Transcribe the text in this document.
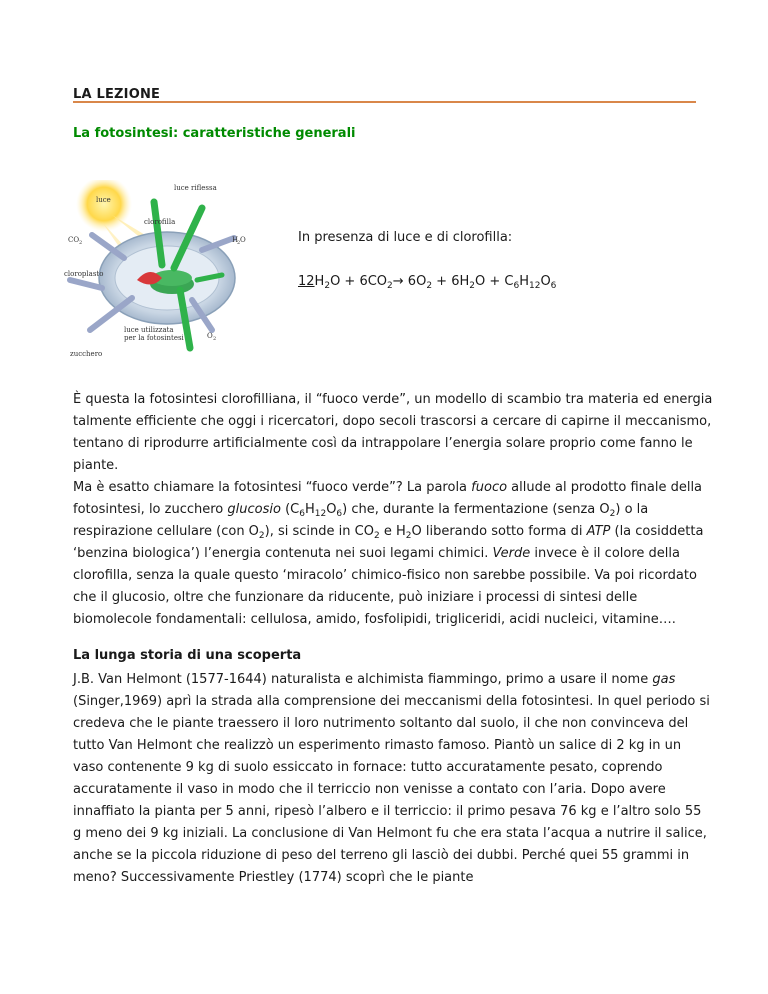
LA LEZIONE
La fotosintesi: caratteristiche generali
luce
luce riflessa
clorofilla
CO 2	H
2 O
cloroplasto
luce utilizzata
per la fotosintesi	O 2
zucchero
In presenza di luce e di clorofilla:
$12H_2O + 6CO_2\to 6O_2 + 6H_2O + C_6H_{12}O_6$

È questa la fotosintesi clorofilliana, il “fuoco verde”, un modello di scambio tra materia ed energia talmente efficiente che oggi i ricercatori, dopo secoli trascorsi a cercare di capirne il meccanismo, tentano di riprodurre artificialmente così da intrappolare l’energia solare proprio come fanno le piante.

Ma è esatto chiamare la fotosintesi “fuoco verde”? La parola fuoco allude al prodotto finale della fotosintesi, lo zucchero glucosio $(C_6H_{12}O_6)$ che, durante la fermentazione (senza $O_2$) o la respirazione cellulare (con $O_2$), si scinde in $CO_2$ e $H_2O$ liberando sotto forma di ATP (la cosiddetta ‘benzina biologica’) l’energia contenuta nei suoi legami chimici. Verde invece è il colore della clorofilla, senza la quale questo ‘miracolo’ chimico-fisico non sarebbe possibile. Va poi ricordato che il glucosio, oltre che funzionare da riducente, può iniziare i processi di sintesi delle biomolecole fondamentali: cellulosa, amido, fosfolipidi, trigliceridi, acidi nucleici, vitamine….

La lunga storia di una scoperta

J.B. Van Helmont (1577-1644) naturalista e alchimista fiammingo, primo a usare il nome gas (Singer,1969) aprì la strada alla comprensione dei meccanismi della fotosintesi. In quel periodo si credeva che le piante traessero il loro nutrimento soltanto dal suolo, il che non convinceva del tutto Van Helmont che realizzò un esperimento rimasto famoso. Piantò un salice di 2 kg in un vaso contenente 9 kg di suolo essiccato in fornace: tutto accuratamente pesato, coprendo accuratamente il vaso in modo che il terriccio non venisse a contato con l’aria. Dopo avere innaffiato la pianta per 5 anni, ripesò l’albero e il terriccio: il primo pesava 76 kg e l’altro solo 55 g meno dei 9 kg iniziali. La conclusione di Van Helmont fu che era stata l’acqua a nutrire il salice, anche se la piccola riduzione di peso del terreno gli lasciò dei dubbi. Perché quei 55 grammi in meno? Successivamente Priestley (1774) scoprì che le piante
